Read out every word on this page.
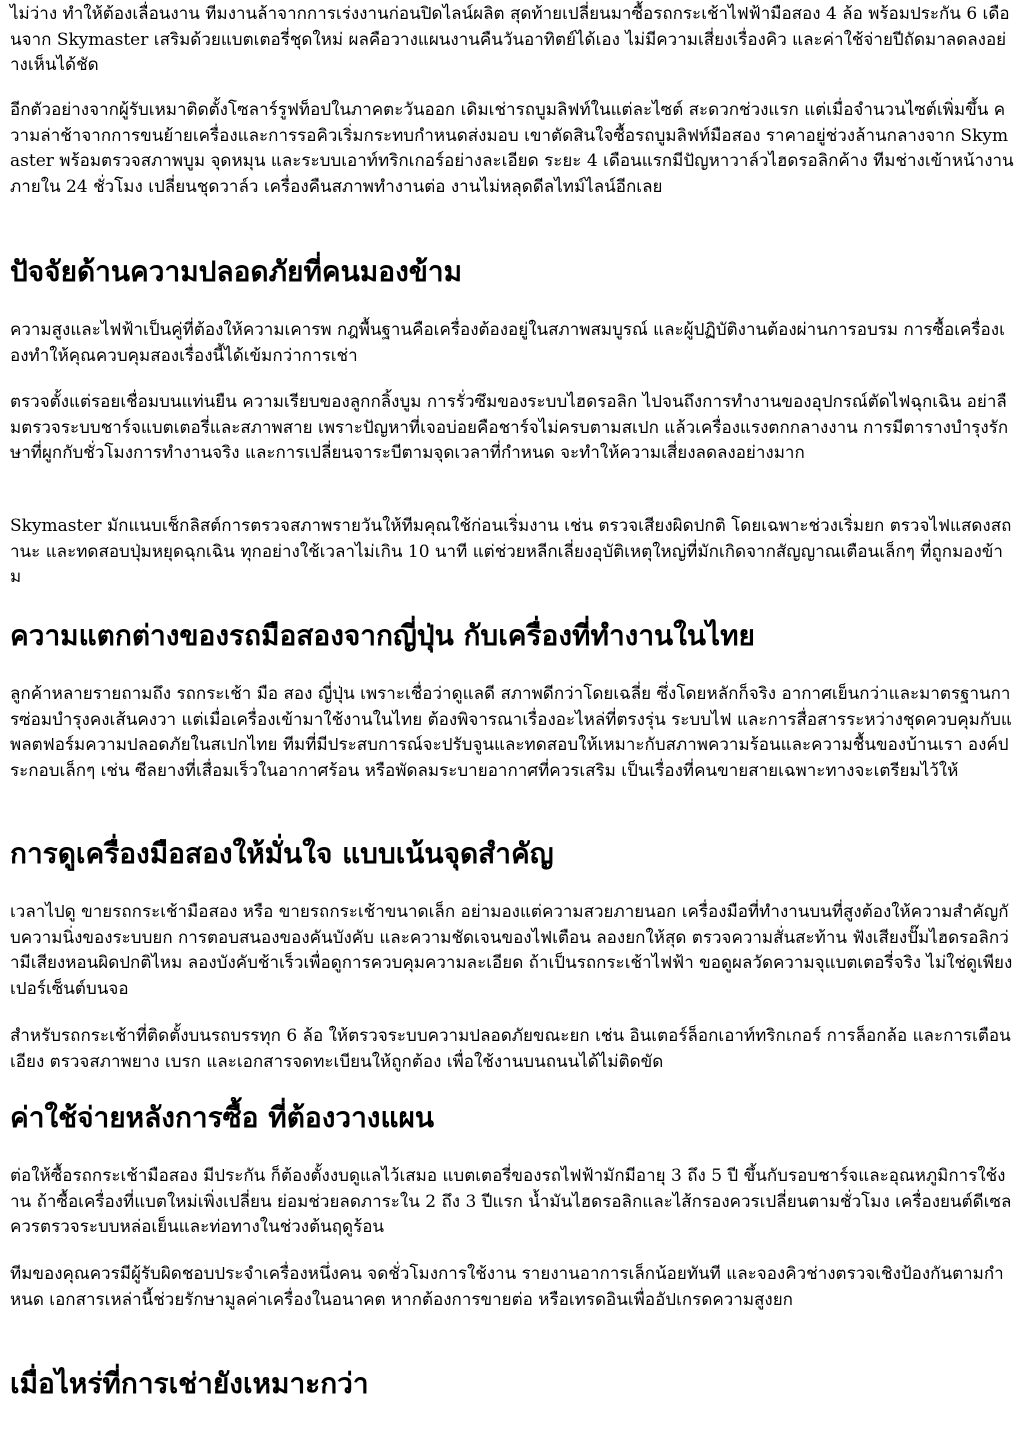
ไม่ว่าง ทำให้ต้องเลื่อนงาน ทีมงานล้าจากการเร่งงานก่อนปิดไลน์ผลิต สุดท้ายเปลี่ยนมาซื้อรถกระเช้าไฟฟ้ามือสอง 4 ล้อ พร้อมประกัน 6 เดือนจาก Skymaster เสริมด้วยแบตเตอรี่ชุดใหม่ ผลคือวางแผนงานคืนวันอาทิตย์ได้เอง ไม่มีความเสี่ยงเรื่องคิว และค่าใช้จ่ายปีถัดมาลดลงอย่างเห็นได้ชัด

อีกตัวอย่างจากผู้รับเหมาติดตั้งโซลาร์รูฟท็อปในภาคตะวันออก เดิมเช่ารถบูมลิฟท์ในแต่ละไซต์ สะดวกช่วงแรก แต่เมื่อจำนวนไซต์เพิ่มขึ้น ความล่าช้าจากการขนย้ายเครื่องและการรอคิวเริ่มกระทบกำหนดส่งมอบ เขาตัดสินใจซื้อรถบูมลิฟท์มือสอง ราคาอยู่ช่วงล้านกลางจาก Skymaster พร้อมตรวจสภาพบูม จุดหมุน และระบบเอาท์ทริกเกอร์อย่างละเอียด ระยะ 4 เดือนแรกมีปัญหาวาล์วไฮดรอลิกค้าง ทีมช่างเข้าหน้างานภายใน 24 ชั่วโมง เปลี่ยนชุดวาล์ว เครื่องคืนสภาพทำงานต่อ งานไม่หลุดดีลไทม์ไลน์อีกเลย

ปัจจัยด้านความปลอดภัยที่คนมองข้าม

ความสูงและไฟฟ้าเป็นคู่ที่ต้องให้ความเคารพ กฎพื้นฐานคือเครื่องต้องอยู่ในสภาพสมบูรณ์ และผู้ปฏิบัติงานต้องผ่านการอบรม การซื้อเครื่องเองทำให้คุณควบคุมสองเรื่องนี้ได้เข้มกว่าการเช่า

ตรวจตั้งแต่รอยเชื่อมบนแท่นยืน ความเรียบของลูกกลิ้งบูม การรั่วซึมของระบบไฮดรอลิก ไปจนถึงการทำงานของอุปกรณ์ตัดไฟฉุกเฉิน อย่าลืมตรวจระบบชาร์จแบตเตอรี่และสภาพสาย เพราะปัญหาที่เจอบ่อยคือชาร์จไม่ครบตามสเปก แล้วเครื่องแรงตกกลางงาน การมีตารางบำรุงรักษาที่ผูกกับชั่วโมงการทำงานจริง และการเปลี่ยนจาระบีตามจุดเวลาที่กำหนด จะทำให้ความเสี่ยงลดลงอย่างมาก

Skymaster มักแนบเช็กลิสต์การตรวจสภาพรายวันให้ทีมคุณใช้ก่อนเริ่มงาน เช่น ตรวจเสียงผิดปกติ โดยเฉพาะช่วงเริ่มยก ตรวจไฟแสดงสถานะ และทดสอบปุ่มหยุดฉุกเฉิน ทุกอย่างใช้เวลาไม่เกิน 10 นาที แต่ช่วยหลีกเลี่ยงอุบัติเหตุใหญ่ที่มักเกิดจากสัญญาณเตือนเล็กๆ ที่ถูกมองข้าม

ความแตกต่างของรถมือสองจากญี่ปุ่น กับเครื่องที่ทำงานในไทย

ลูกค้าหลายรายถามถึง รถกระเช้า มือ สอง ญี่ปุ่น เพราะเชื่อว่าดูแลดี สภาพดีกว่าโดยเฉลี่ย ซึ่งโดยหลักก็จริง อากาศเย็นกว่าและมาตรฐานการซ่อมบำรุงคงเส้นคงวา แต่เมื่อเครื่องเข้ามาใช้งานในไทย ต้องพิจารณาเรื่องอะไหล่ที่ตรงรุ่น ระบบไฟ และการสื่อสารระหว่างชุดควบคุมกับแพลตฟอร์มความปลอดภัยในสเปกไทย ทีมที่มีประสบการณ์จะปรับจูนและทดสอบให้เหมาะกับสภาพความร้อนและความชื้นของบ้านเรา องค์ประกอบเล็กๆ เช่น ซีลยางที่เสื่อมเร็วในอากาศร้อน หรือพัดลมระบายอากาศที่ควรเสริม เป็นเรื่องที่คนขายสายเฉพาะทางจะเตรียมไว้ให้

การดูเครื่องมือสองให้มั่นใจ แบบเน้นจุดสำคัญ

เวลาไปดู ขายรถกระเช้ามือสอง หรือ ขายรถกระเช้าขนาดเล็ก อย่ามองแต่ความสวยภายนอก เครื่องมือที่ทำงานบนที่สูงต้องให้ความสำคัญกับความนิ่งของระบบยก การตอบสนองของคันบังคับ และความชัดเจนของไฟเตือน ลองยกให้สุด ตรวจความสั่นสะท้าน ฟังเสียงปั๊มไฮดรอลิกว่ามีเสียงหอนผิดปกติไหม ลองบังคับช้าเร็วเพื่อดูการควบคุมความละเอียด ถ้าเป็นรถกระเช้าไฟฟ้า ขอดูผลวัดความจุแบตเตอรี่จริง ไม่ใช่ดูเพียงเปอร์เซ็นต์บนจอ

สำหรับรถกระเช้าที่ติดตั้งบนรถบรรทุก 6 ล้อ ให้ตรวจระบบความปลอดภัยขณะยก เช่น อินเตอร์ล็อกเอาท์ทริกเกอร์ การล็อกล้อ และการเตือนเอียง ตรวจสภาพยาง เบรก และเอกสารจดทะเบียนให้ถูกต้อง เพื่อใช้งานบนถนนได้ไม่ติดขัด

ค่าใช้จ่ายหลังการซื้อ ที่ต้องวางแผน

ต่อให้ซื้อรถกระเช้ามือสอง มีประกัน ก็ต้องตั้งงบดูแลไว้เสมอ แบตเตอรี่ของรถไฟฟ้ามักมีอายุ 3 ถึง 5 ปี ขึ้นกับรอบชาร์จและอุณหภูมิการใช้งาน ถ้าซื้อเครื่องที่แบตใหม่เพิ่งเปลี่ยน ย่อมช่วยลดภาระใน 2 ถึง 3 ปีแรก น้ำมันไฮดรอลิกและไส้กรองควรเปลี่ยนตามชั่วโมง เครื่องยนต์ดีเซลควรตรวจระบบหล่อเย็นและท่อทางในช่วงต้นฤดูร้อน

ทีมของคุณควรมีผู้รับผิดชอบประจำเครื่องหนึ่งคน จดชั่วโมงการใช้งาน รายงานอาการเล็กน้อยทันที และจองคิวช่างตรวจเชิงป้องกันตามกำหนด เอกสารเหล่านี้ช่วยรักษามูลค่าเครื่องในอนาคต หากต้องการขายต่อ หรือเทรดอินเพื่ออัปเกรดความสูงยก

เมื่อไหร่ที่การเช่ายังเหมาะกว่า
